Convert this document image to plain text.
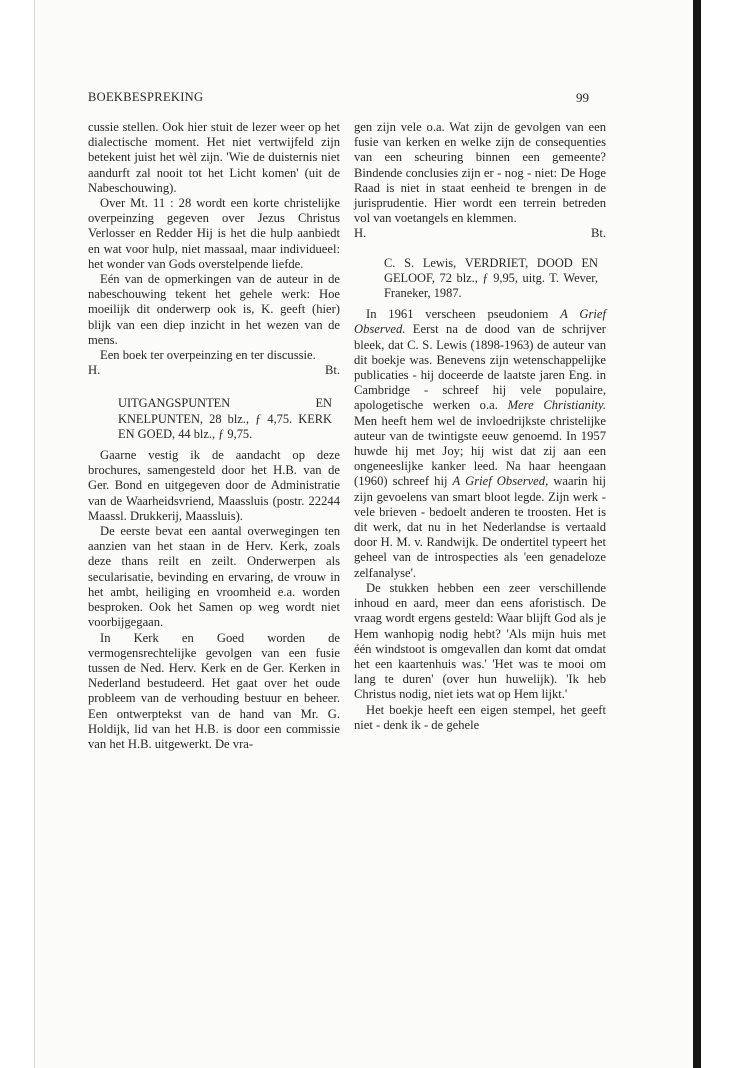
BOEKBESPREKING	99

cussie stellen. Ook hier stuit de lezer weer op het dialectische moment. Het niet vertwijfeld zijn betekent juist het wèl zijn. 'Wie de duisternis niet aandurft zal nooit tot het Licht komen' (uit de Nabeschouwing).

Over Mt. 11 : 28 wordt een korte christelijke overpeinzing gegeven over Jezus Christus Verlosser en Redder Hij is het die hulp aanbiedt en wat voor hulp, niet massaal, maar individueel: het wonder van Gods overstelpende liefde.

Eén van de opmerkingen van de auteur in de nabeschouwing tekent het gehele werk: Hoe moeilijk dit onderwerp ook is, K. geeft (hier) blijk van een diep inzicht in het wezen van de mens.

Een boek ter overpeinzing en ter discussie.

H.	Bt.
UITGANGSPUNTEN EN KNELPUNTEN, 28 blz., ƒ 4,75. KERK EN GOED, 44 blz., ƒ 9,75.

Gaarne vestig ik de aandacht op deze brochures, samengesteld door het H.B. van de Ger. Bond en uitgegeven door de Administratie van de Waarheidsvriend, Maassluis (postr. 22244 Maassl. Drukkerij, Maassluis).

De eerste bevat een aantal overwegingen ten aanzien van het staan in de Herv. Kerk, zoals deze thans reilt en zeilt. Onderwerpen als secularisatie, bevinding en ervaring, de vrouw in het ambt, heiliging en vroomheid e.a. worden besproken. Ook het Samen op weg wordt niet voorbijgegaan.

In Kerk en Goed worden de vermogensrechtelijke gevolgen van een fusie tussen de Ned. Herv. Kerk en de Ger. Kerken in Nederland bestudeerd. Het gaat over het oude probleem van de verhouding bestuur en beheer. Een ontwerptekst van de hand van Mr. G. Holdijk, lid van het H.B. is door een commissie van het H.B. uitgewerkt. De vra-

gen zijn vele o.a. Wat zijn de gevolgen van een fusie van kerken en welke zijn de consequenties van een scheuring binnen een gemeente? Bindende conclusies zijn er - nog - niet: De Hoge Raad is niet in staat eenheid te brengen in de jurisprudentie. Hier wordt een terrein betreden vol van voetangels en klemmen.

H.	Bt.
C. S. Lewis, VERDRIET, DOOD EN GELOOF, 72 blz., ƒ 9,95, uitg. T. Wever, Franeker, 1987.

In 1961 verscheen pseudoniem A Grief Observed. Eerst na de dood van de schrijver bleek, dat C. S. Lewis (1898-1963) de auteur van dit boekje was. Benevens zijn wetenschappelijke publicaties - hij doceerde de laatste jaren Eng. in Cambridge - schreef hij vele populaire, apologetische werken o.a. Mere Christianity. Men heeft hem wel de invloedrijkste christelijke auteur van de twintigste eeuw genoemd. In 1957 huwde hij met Joy; hij wist dat zij aan een ongeneeslijke kanker leed. Na haar heengaan (1960) schreef hij A Grief Observed, waarin hij zijn gevoelens van smart bloot legde. Zijn werk - vele brieven - bedoelt anderen te troosten. Het is dit werk, dat nu in het Nederlandse is vertaald door H. M. v. Randwijk. De ondertitel typeert het geheel van de introspecties als 'een genadeloze zelfanalyse'.

De stukken hebben een zeer verschillende inhoud en aard, meer dan eens aforistisch. De vraag wordt ergens gesteld: Waar blijft God als je Hem wanhopig nodig hebt? 'Als mijn huis met één windstoot is omgevallen dan komt dat omdat het een kaartenhuis was.' 'Het was te mooi om lang te duren' (over hun huwelijk). 'Ik heb Christus nodig, niet iets wat op Hem lijkt.'

Het boekje heeft een eigen stempel, het geeft niet - denk ik - de gehele
